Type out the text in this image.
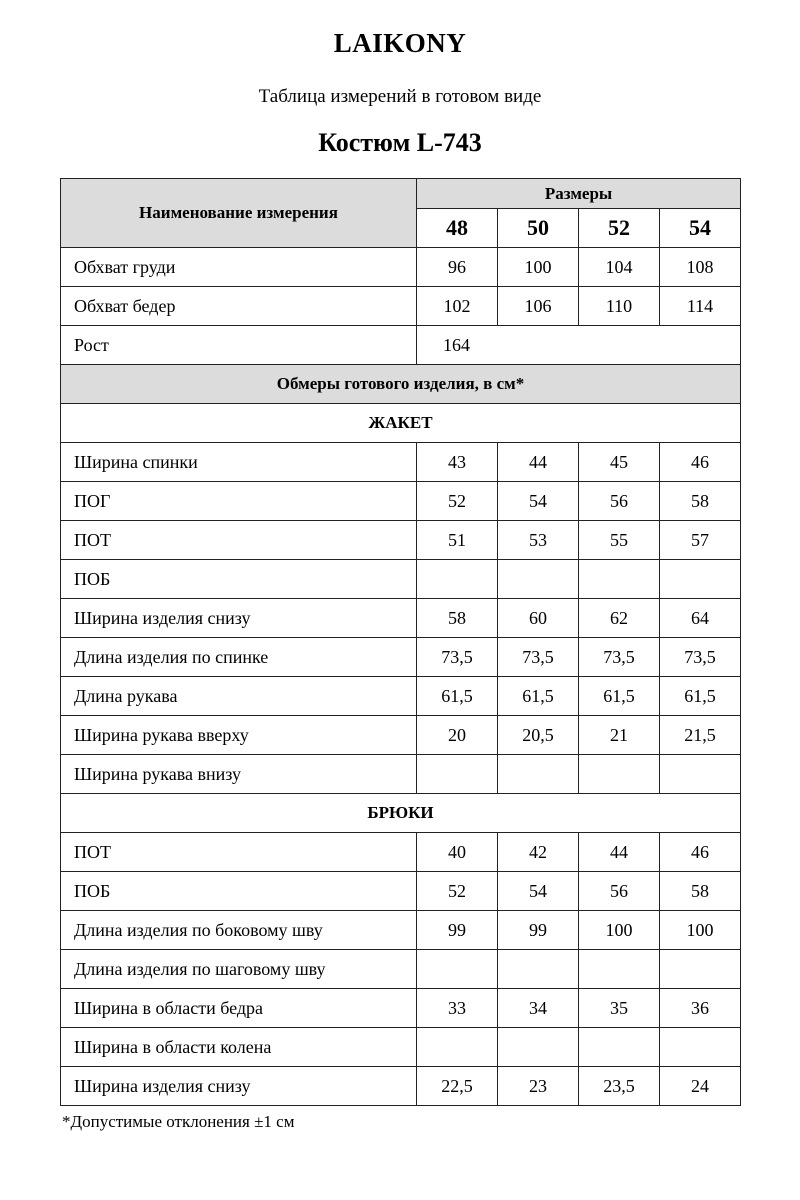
LAIKONY
Таблица измерений в готовом виде
Костюм L-743
Наименование измерения	Размеры			
	48	50	52	54
Обхват груди	96	100	104	108
Обхват бедер	102	106	110	114
Рост	164			
Обмеры готового изделия, в см*				
ЖАКЕТ				
Ширина спинки	43	44	45	46
ПОГ	52	54	56	58
ПОТ	51	53	55	57
ПОБ				
Ширина изделия снизу	58	60	62	64
Длина изделия по спинке	73,5	73,5	73,5	73,5
Длина рукава	61,5	61,5	61,5	61,5
Ширина рукава вверху	20	20,5	21	21,5
Ширина рукава внизу				
БРЮКИ				
ПОТ	40	42	44	46
ПОБ	52	54	56	58
Длина изделия по боковому шву	99	99	100	100
Длина изделия по шаговому шву				
Ширина в области бедра	33	34	35	36
Ширина в области колена				
Ширина изделия снизу	22,5	23	23,5	24
*Допустимые отклонения ±1 см
